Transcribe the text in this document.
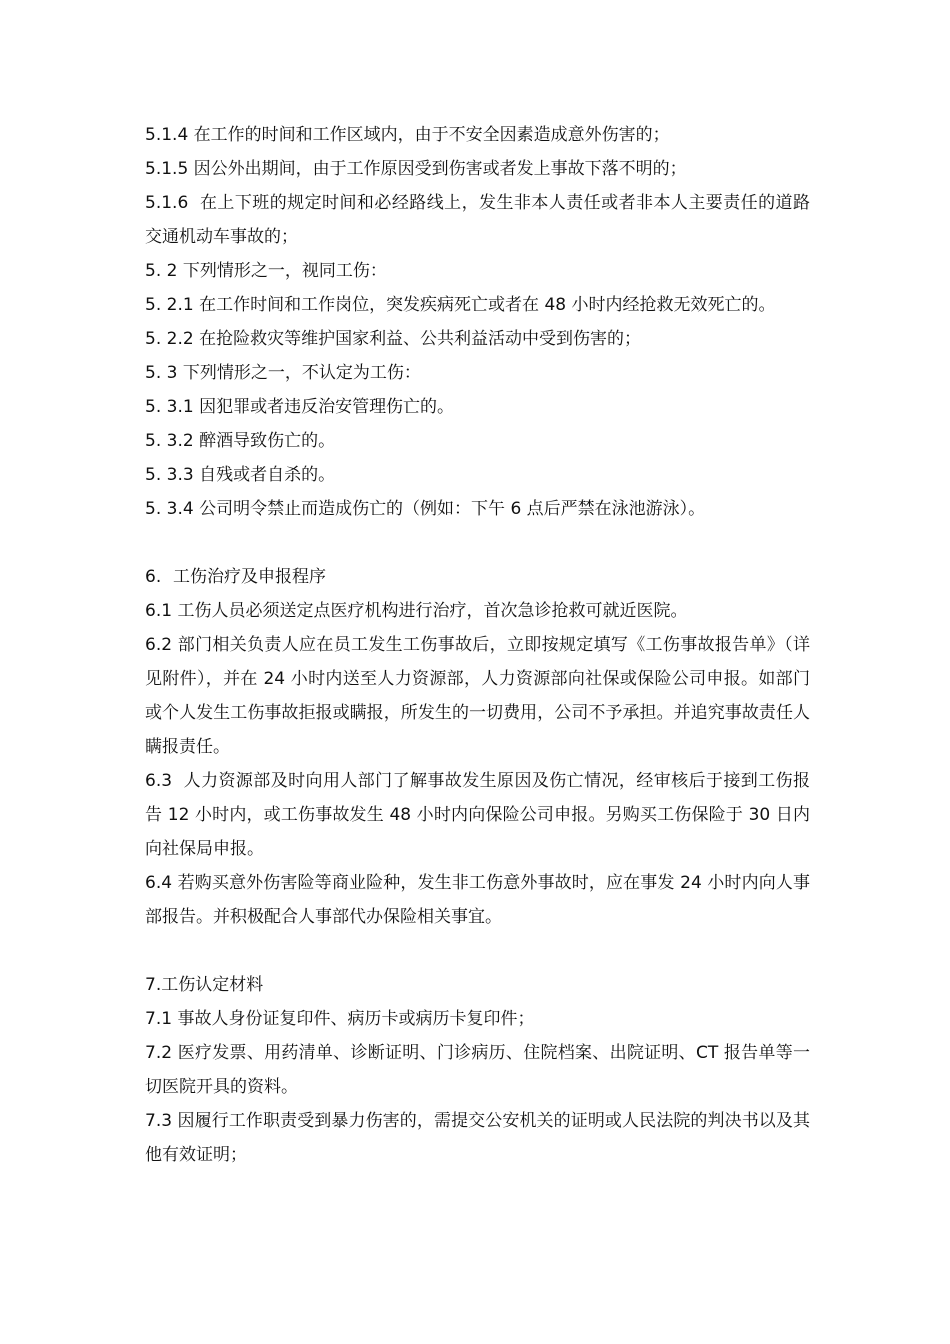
5.1.4 在工作的时间和工作区域内，由于不安全因素造成意外伤害的；

5.1.5 因公外出期间，由于工作原因受到伤害或者发上事故下落不明的；

5.1.6  在上下班的规定时间和必经路线上，发生非本人责任或者非本人主要责任的道路交通机动车事故的；

5. 2 下列情形之一，视同工伤：

5. 2.1 在工作时间和工作岗位，突发疾病死亡或者在 48 小时内经抢救无效死亡的。

5. 2.2 在抢险救灾等维护国家利益、公共利益活动中受到伤害的；

5. 3 下列情形之一，不认定为工伤：

5. 3.1 因犯罪或者违反治安管理伤亡的。

5. 3.2 醉酒导致伤亡的。

5. 3.3 自残或者自杀的。

5. 3.4 公司明令禁止而造成伤亡的（例如：下午 6 点后严禁在泳池游泳）。

6. 工伤治疗及申报程序

6.1 工伤人员必须送定点医疗机构进行治疗，首次急诊抢救可就近医院。

6.2 部门相关负责人应在员工发生工伤事故后，立即按规定填写《工伤事故报告单》（详见附件），并在 24 小时内送至人力资源部，人力资源部向社保或保险公司申报。如部门或个人发生工伤事故拒报或瞒报，所发生的一切费用，公司不予承担。并追究事故责任人瞒报责任。

6.3  人力资源部及时向用人部门了解事故发生原因及伤亡情况，经审核后于接到工伤报告 12 小时内，或工伤事故发生 48 小时内向保险公司申报。另购买工伤保险于 30 日内向社保局申报。

6.4 若购买意外伤害险等商业险种，发生非工伤意外事故时，应在事发 24 小时内向人事部报告。并积极配合人事部代办保险相关事宜。

7.工伤认定材料

7.1 事故人身份证复印件、病历卡或病历卡复印件；

7.2 医疗发票、用药清单、诊断证明、门诊病历、住院档案、出院证明、CT 报告单等一切医院开具的资料。

7.3 因履行工作职责受到暴力伤害的，需提交公安机关的证明或人民法院的判决书以及其他有效证明；
